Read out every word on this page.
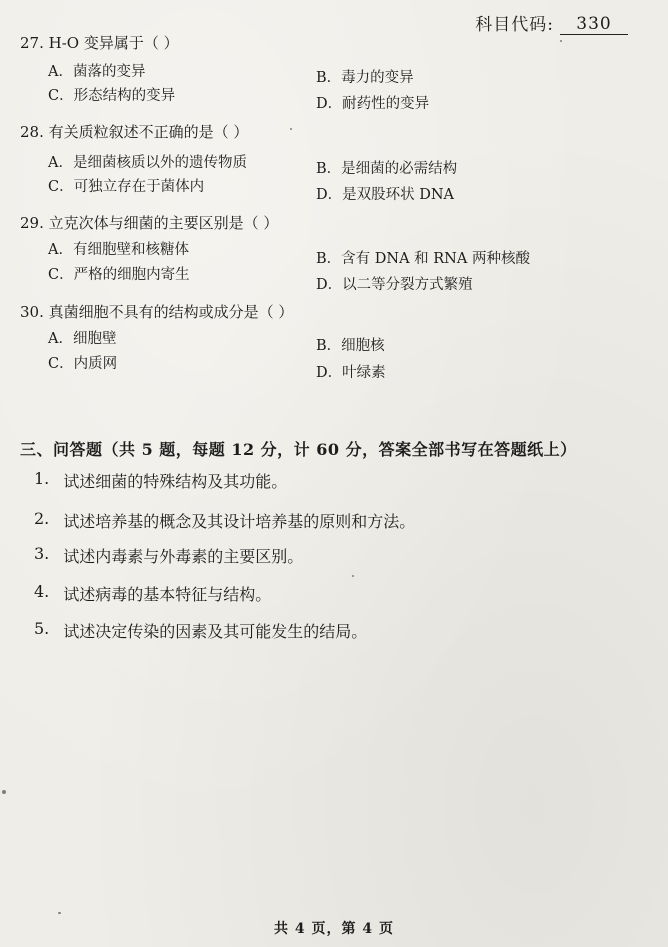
科目代码:	330
27. H-O 变异属于（ ）
A．菌落的变异	B．毒力的变异
C．形态结构的变异	D．耐药性的变异
28. 有关质粒叙述不正确的是（ ）
A．是细菌核质以外的遗传物质	B．是细菌的必需结构
C．可独立存在于菌体内	D．是双股环状 DNA
29. 立克次体与细菌的主要区别是（ ）
A．有细胞壁和核糖体
B．含有 DNA 和 RNA 两种核酸
C．严格的细胞内寄生
D．以二等分裂方式繁殖
30. 真菌细胞不具有的结构或成分是（ ）
A．细胞壁	B．细胞核
C．内质网
D．叶绿素
三、问答题（共 5 题，每题 12 分，计 60 分，答案全部书写在答题纸上）
1. 试述细菌的特殊结构及其功能。
2. 试述培养基的概念及其设计培养基的原则和方法。
3. 试述内毒素与外毒素的主要区别。
4. 试述病毒的基本特征与结构。
5. 试述决定传染的因素及其可能发生的结局。
共 4 页，第 4 页
